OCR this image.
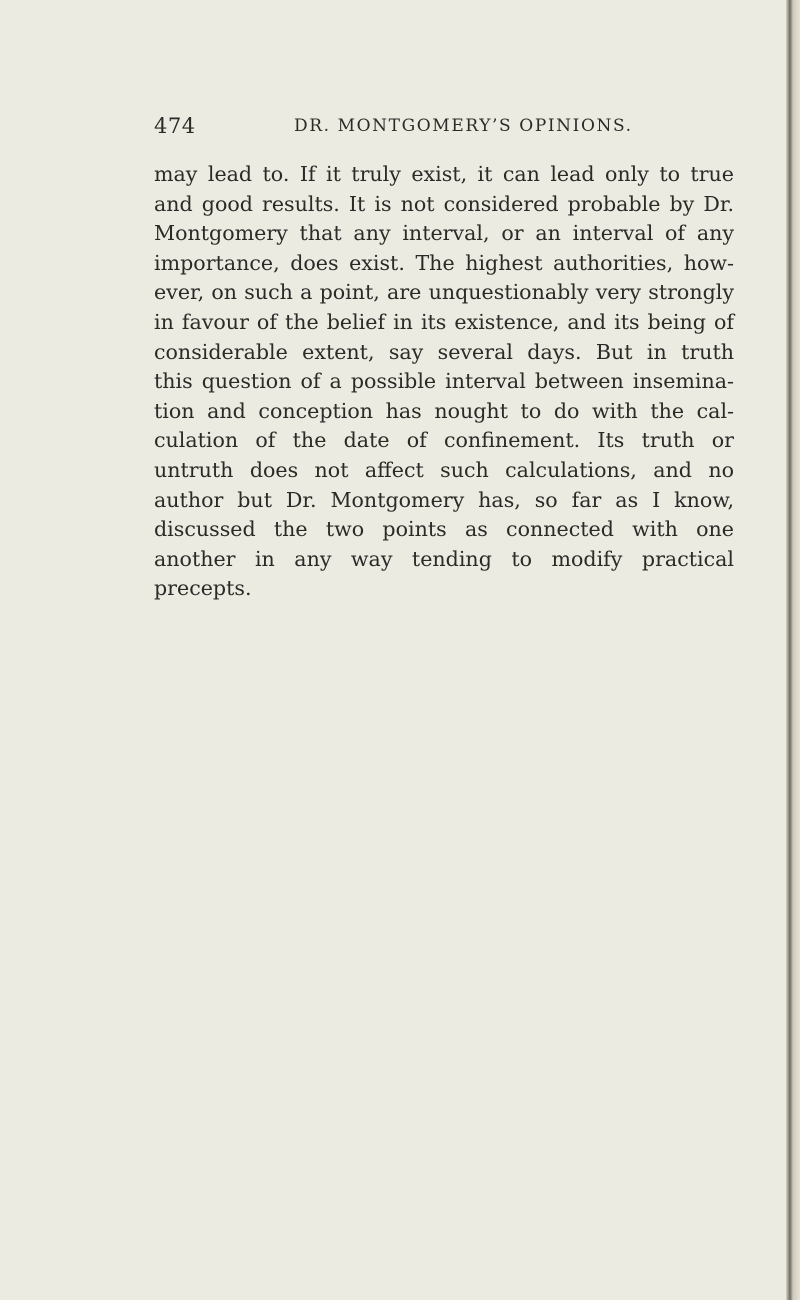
474	DR. MONTGOMERY’S OPINIONS.
may lead to. If it truly exist, it can lead only to true
and good results. It is not considered probable by Dr.
Montgomery that any interval, or an interval of any
importance, does exist. The highest authorities, how-
ever, on such a point, are unquestionably very strongly
in favour of the belief in its existence, and its being of
considerable extent, say several days. But in truth
this question of a possible interval between insemina-
tion and conception has nought to do with the cal-
culation of the date of confinement. Its truth or
untruth does not affect such calculations, and no
author but Dr. Montgomery has, so far as I know,
discussed the two points as connected with one
another in any way tending to modify practical
precepts.
